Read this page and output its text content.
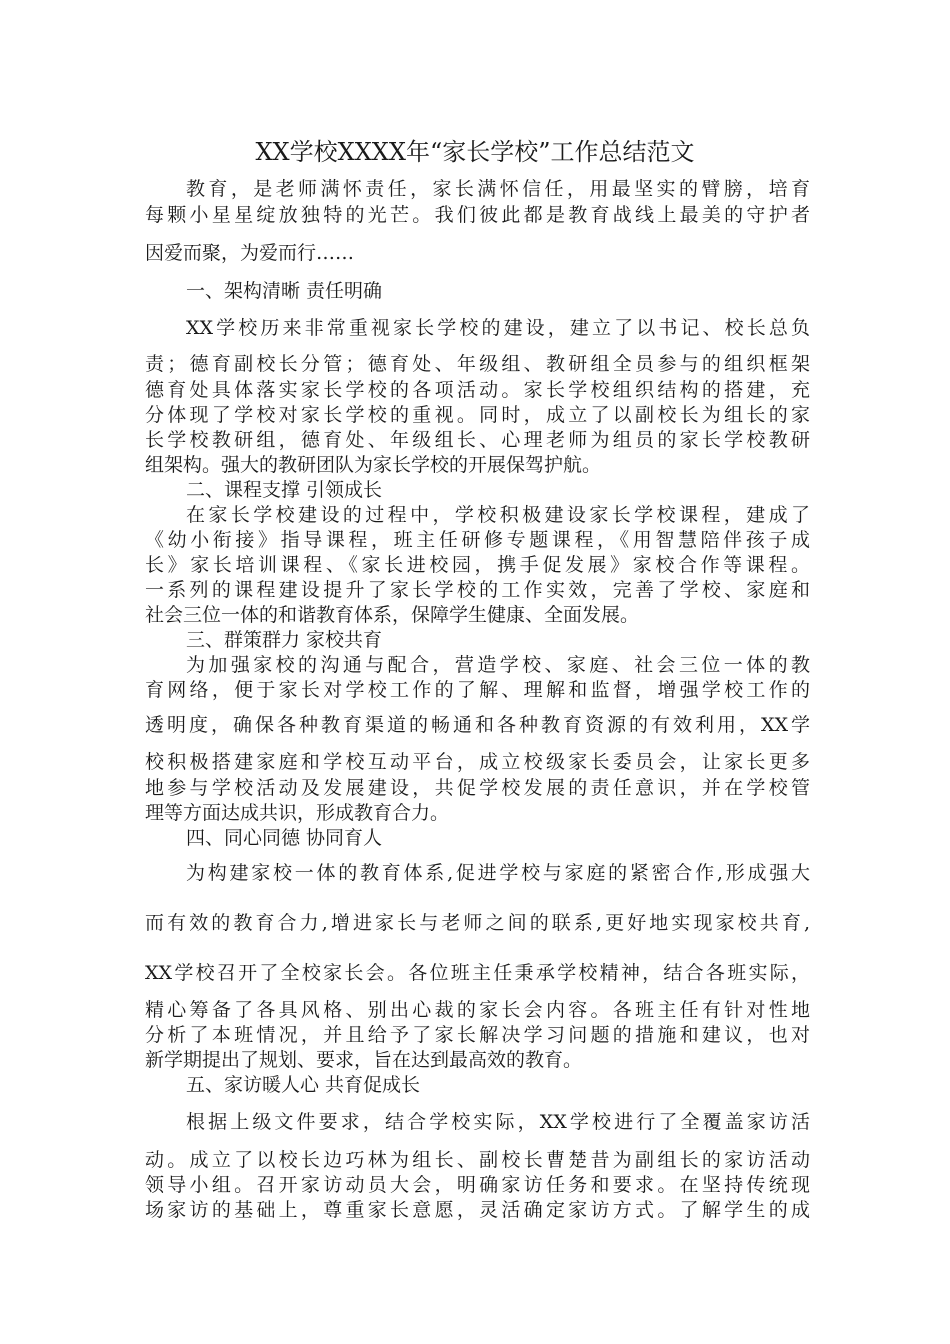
XX学校XXXX年“家长学校”工作总结范文
教育，是老师满怀责任，家长满怀信任，用最坚实的臂膀，培育
每颗小星星绽放独特的光芒。我们彼此都是教育战线上最美的守护者
因爱而聚，为爱而行……
一、架构清晰 责任明确
XX学校历来非常重视家长学校的建设，建立了以书记、校长总负
责；德育副校长分管；德育处、年级组、教研组全员参与的组织框架
德育处具体落实家长学校的各项活动。家长学校组织结构的搭建，充
分体现了学校对家长学校的重视。同时，成立了以副校长为组长的家
长学校教研组，德育处、年级组长、心理老师为组员的家长学校教研
组架构。强大的教研团队为家长学校的开展保驾护航。
二、课程支撑 引领成长
在家长学校建设的过程中，学校积极建设家长学校课程，建成了
《幼小衔接》指导课程，班主任研修专题课程，《用智慧陪伴孩子成
长》家长培训课程、《家长进校园，携手促发展》家校合作等课程。
一系列的课程建设提升了家长学校的工作实效，完善了学校、家庭和
社会三位一体的和谐教育体系，保障学生健康、全面发展。
三、群策群力 家校共育
为加强家校的沟通与配合，营造学校、家庭、社会三位一体的教
育网络，便于家长对学校工作的了解、理解和监督，增强学校工作的
透明度，确保各种教育渠道的畅通和各种教育资源的有效利用，XX学
校积极搭建家庭和学校互动平台，成立校级家长委员会，让家长更多
地参与学校活动及发展建设，共促学校发展的责任意识，并在学校管
理等方面达成共识，形成教育合力。
四、同心同德 协同育人
为构建家校一体的教育体系,促进学校与家庭的紧密合作,形成强大
而有效的教育合力,增进家长与老师之间的联系,更好地实现家校共育,
XX学校召开了全校家长会。各位班主任秉承学校精神，结合各班实际，
精心筹备了各具风格、别出心裁的家长会内容。各班主任有针对性地
分析了本班情况，并且给予了家长解决学习问题的措施和建议，也对
新学期提出了规划、要求，旨在达到最高效的教育。
五、家访暖人心 共育促成长
根据上级文件要求，结合学校实际，XX学校进行了全覆盖家访活
动。成立了以校长边巧林为组长、副校长曹楚昔为副组长的家访活动
领导小组。召开家访动员大会，明确家访任务和要求。在坚持传统现
场家访的基础上，尊重家长意愿，灵活确定家访方式。了解学生的成
